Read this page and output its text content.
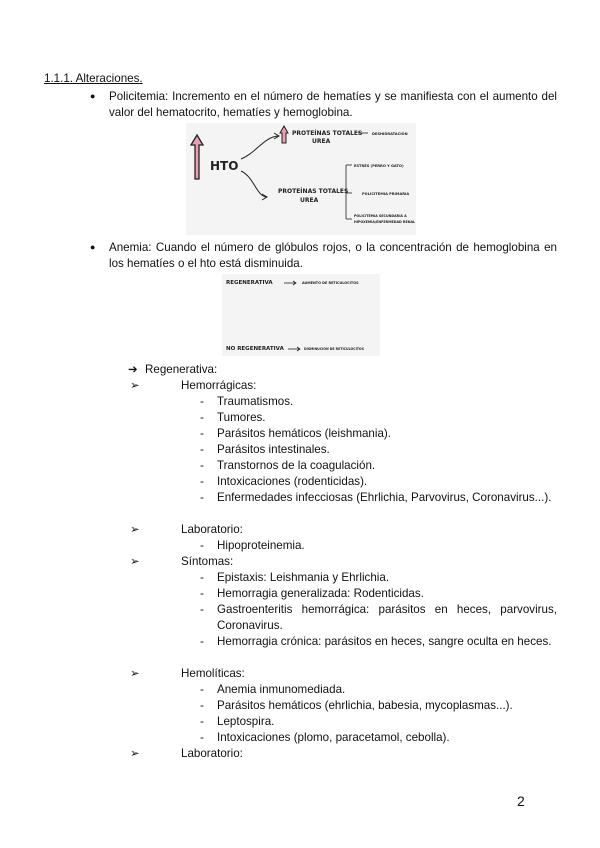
1.1.1. Alteraciones.
● Policitemia: Incremento en el número de hematíes y se manifiesta con el aumento del valor del hematocrito, hematíes y hemoglobina.
HTO
PROTEÍNAS TOTALES
UREA
DESHIDRATACIÓN
PROTEÍNAS TOTALES
UREA
ESTRÉS (PERRO Y GATO)
POLICITEMIA PRIMARIA
POLICITEMIA SECUNDARIA A
HIPOXEMIA/ENFERMEDAD RENAL
● Anemia: Cuando el número de glóbulos rojos, o la concentración de hemoglobina en los hematíes o el hto está disminuida.
REGENERATIVA	AUMENTO DE RETICULOCITOS
NO REGENERATIVA	DISMINUCIÓN DE RETICULOCITOS
➔ Regenerativa:
➢	Hemorrágicas:
- Traumatismos.
- Tumores.
- Parásitos hemáticos (leishmania).
- Parásitos intestinales.
- Transtornos de la coagulación.
- Intoxicaciones (rodenticidas).
- Enfermedades infecciosas (Ehrlichia, Parvovirus, Coronavirus...).
➢	Laboratorio:
- Hipoproteinemia.
➢	Síntomas:
- Epistaxis: Leishmania y Ehrlichia.
- Hemorragia generalizada: Rodenticidas.
- Gastroenteritis hemorrágica: parásitos en heces, parvovirus, Coronavirus.
- Hemorragia crónica: parásitos en heces, sangre oculta en heces.
➢	Hemolíticas:
- Anemia inmunomediada.
- Parásitos hemáticos (ehrlichia, babesia, mycoplasmas...).
- Leptospira.
- Intoxicaciones (plomo, paracetamol, cebolla).
➢	Laboratorio:
2
